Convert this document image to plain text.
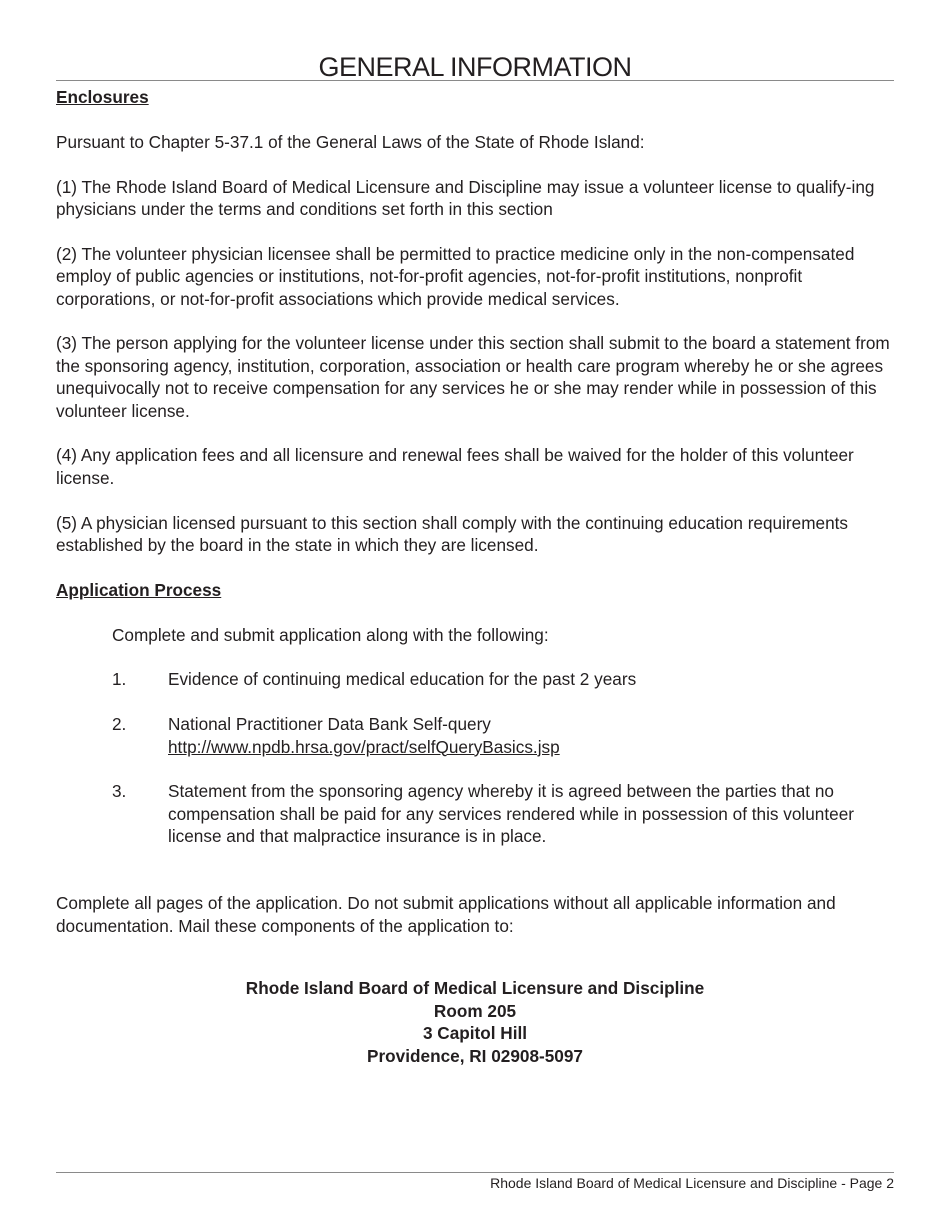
GENERAL INFORMATION

Enclosures

Pursuant to Chapter 5-37.1 of the General Laws of the State of Rhode Island:

(1) The Rhode Island Board of Medical Licensure and Discipline may issue a volunteer license to qualify-ing physicians under the terms and conditions set forth in this section

(2) The volunteer physician licensee shall be permitted to practice medicine only in the non-compensated employ of public agencies or institutions, not-for-profit agencies, not-for-profit institutions, nonprofit corporations, or not-for-profit associations which provide medical services.

(3) The person applying for the volunteer license under this section shall submit to the board a statement from the sponsoring agency, institution, corporation, association or health care program whereby he or she agrees unequivocally not to receive compensation for any services he or she may render while in possession of this volunteer license.

(4) Any application fees and all licensure and renewal fees shall be waived for the holder of this volunteer license.

(5) A physician licensed pursuant to this section shall comply with the continuing education requirements established by the board in the state in which they are licensed.

Application Process

Complete and submit application along with the following:

1.	Evidence of continuing medical education for the past 2 years
2.	National Practitioner Data Bank Self-query
http://www.npdb.hrsa.gov/pract/selfQueryBasics.jsp
3.	Statement from the sponsoring agency whereby it is agreed between the parties that no compensation shall be paid for any services rendered while in possession of this volunteer license and that malpractice insurance is in place.

Complete all pages of the application. Do not submit applications without all applicable information and documentation. Mail these components of the application to:

Rhode Island Board of Medical Licensure and Discipline
Room 205
3 Capitol Hill
Providence, RI 02908-5097
Rhode Island Board of Medical Licensure and Discipline - Page 2
